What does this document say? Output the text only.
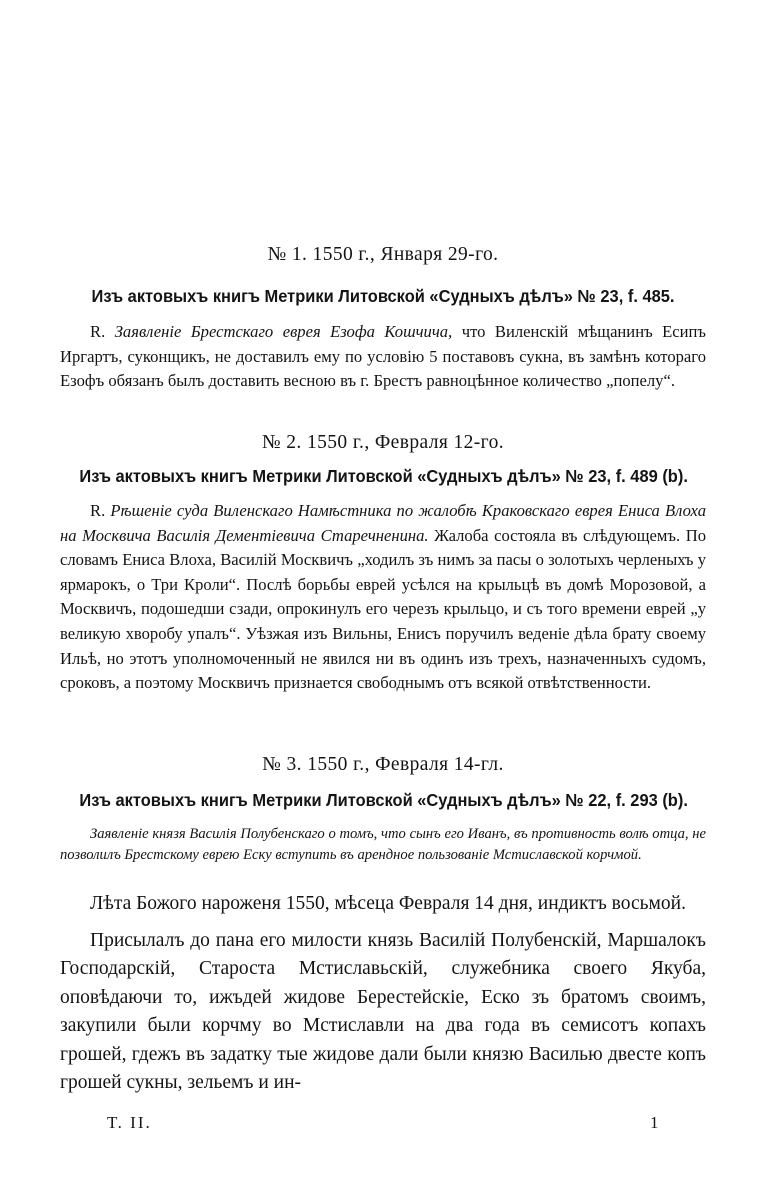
№ 1. 1550 г., Января 29-го.
Изъ актовыхъ книгъ Метрики Литовской «Судныхъ дѣлъ» № 23, f. 485.

R. Заявленіе Брестскаго еврея Езофа Кошчича, что Виленскій мѣщанинъ Есипъ Иргартъ, суконщикъ, не доставилъ ему по условію 5 поставовъ сукна, въ замѣнъ котораго Езофъ обязанъ былъ доставить весною въ г. Брестъ равноцѣнное количество „попелу“.

№ 2. 1550 г., Февраля 12-го.
Изъ актовыхъ книгъ Метрики Литовской «Судныхъ дѣлъ» № 23, f. 489 (b).

R. Рѣшеніе суда Виленскаго Намѣстника по жалобѣ Краковскаго еврея Ениса Влоха на Москвича Василія Дементіевича Старечненина. Жалоба состояла въ слѣдующемъ. По словамъ Ениса Влоха, Василій Москвичъ „ходилъ зъ нимъ за пасы о золотыхъ черленыхъ у ярмарокъ, о Три Кроли“. Послѣ борьбы еврей усѣлся на крыльцѣ въ домѣ Морозовой, а Москвичъ, подошедши сзади, опрокинулъ его черезъ крыльцо, и съ того времени еврей „у великую хворобу упалъ“. Уѣзжая изъ Вильны, Енисъ поручилъ веденіе дѣла брату своему Ильѣ, но этотъ уполномоченный не явился ни въ одинъ изъ трехъ, назначенныхъ судомъ, сроковъ, а поэтому Москвичъ признается свободнымъ отъ всякой отвѣтственности.

№ 3. 1550 г., Февраля 14-гл.
Изъ актовыхъ книгъ Метрики Литовской «Судныхъ дѣлъ» № 22, f. 293 (b).

Заявленіе князя Василія Полубенскаго о томъ, что сынъ его Иванъ, въ противность волѣ отца, не позволилъ Брестскому еврею Еску вступить въ арендное пользованіе Мстиславской корчмой.

Лѣта Божого нароженя 1550, мѣсеца Февраля 14 дня, индиктъ восьмой.

Присылалъ до пана его милости князь Василій Полубенскій, Маршалокъ Господарскій, Староста Мстиславьскій, служебника своего Якуба, оповѣдаючи то, ижъдей жидове Берестейскіе, Еско зъ братомъ своимъ, закупили были корчму во Мстиславли на два года въ семисотъ копахъ грошей, гдежъ въ задатку тые жидове дали были князю Василью двесте копъ грошей сукны, зельемъ и ин-

Т. II.	1
